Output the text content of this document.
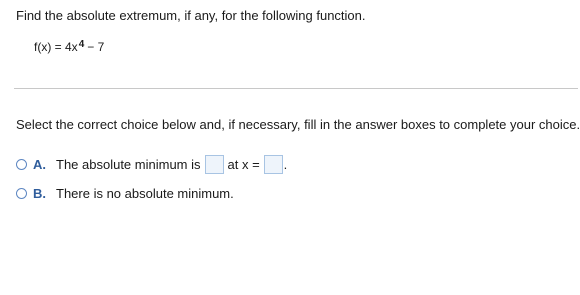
Find the absolute extremum, if any, for the following function.
$f(x) = 4x^4 - 7$
Select the correct choice below and, if necessary, fill in the answer boxes to complete your choice.
A. The absolute minimum is at x = .
B. There is no absolute minimum.
